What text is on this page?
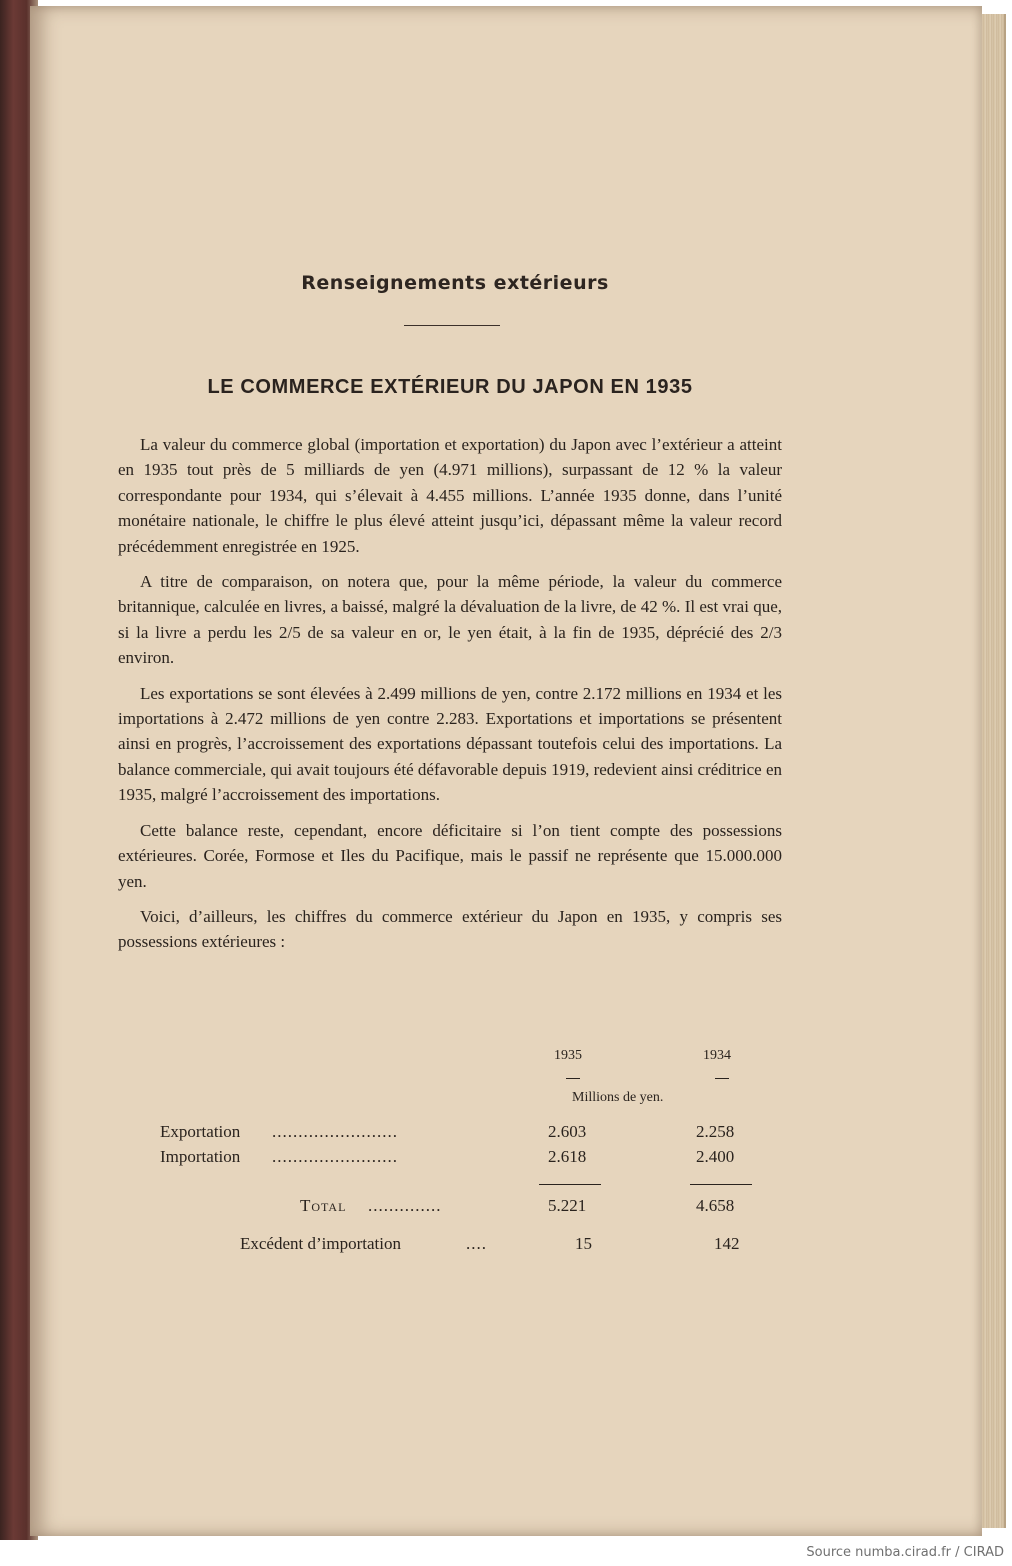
Renseignements extérieurs
LE COMMERCE EXTÉRIEUR DU JAPON EN 1935

La valeur du commerce global (importation et exportation) du Japon avec l’extérieur a atteint en 1935 tout près de 5 milliards de yen (4.971 millions), surpassant de 12 % la valeur correspondante pour 1934, qui s’élevait à 4.455 millions. L’année 1935 donne, dans l’unité monétaire nationale, le chiffre le plus élevé atteint jusqu’ici, dépassant même la valeur record précédemment enregistrée en 1925.

A titre de comparaison, on notera que, pour la même période, la valeur du commerce britannique, calculée en livres, a baissé, malgré la dévaluation de la livre, de 42 %. Il est vrai que, si la livre a perdu les 2/5 de sa valeur en or, le yen était, à la fin de 1935, déprécié des 2/3 environ.

Les exportations se sont élevées à 2.499 millions de yen, contre 2.172 millions en 1934 et les importations à 2.472 millions de yen contre 2.283. Exportations et importations se présentent ainsi en progrès, l’accroissement des exportations dépassant toutefois celui des importations. La balance commerciale, qui avait toujours été défavorable depuis 1919, redevient ainsi créditrice en 1935, malgré l’accroissement des importations.

Cette balance reste, cependant, encore déficitaire si l’on tient compte des possessions extérieures. Corée, Formose et Iles du Pacifique, mais le passif ne représente que 15.000.000 yen.

Voici, d’ailleurs, les chiffres du commerce extérieur du Japon en 1935, y compris ses possessions extérieures :

1935	1934
Millions de yen.
Exportation ........................	2.603	2.258
Importation ........................	2.618	2.400
Total ..............	5.221	4.658
Excédent d’importation	....	15	142
Source numba.cirad.fr / CIRAD
